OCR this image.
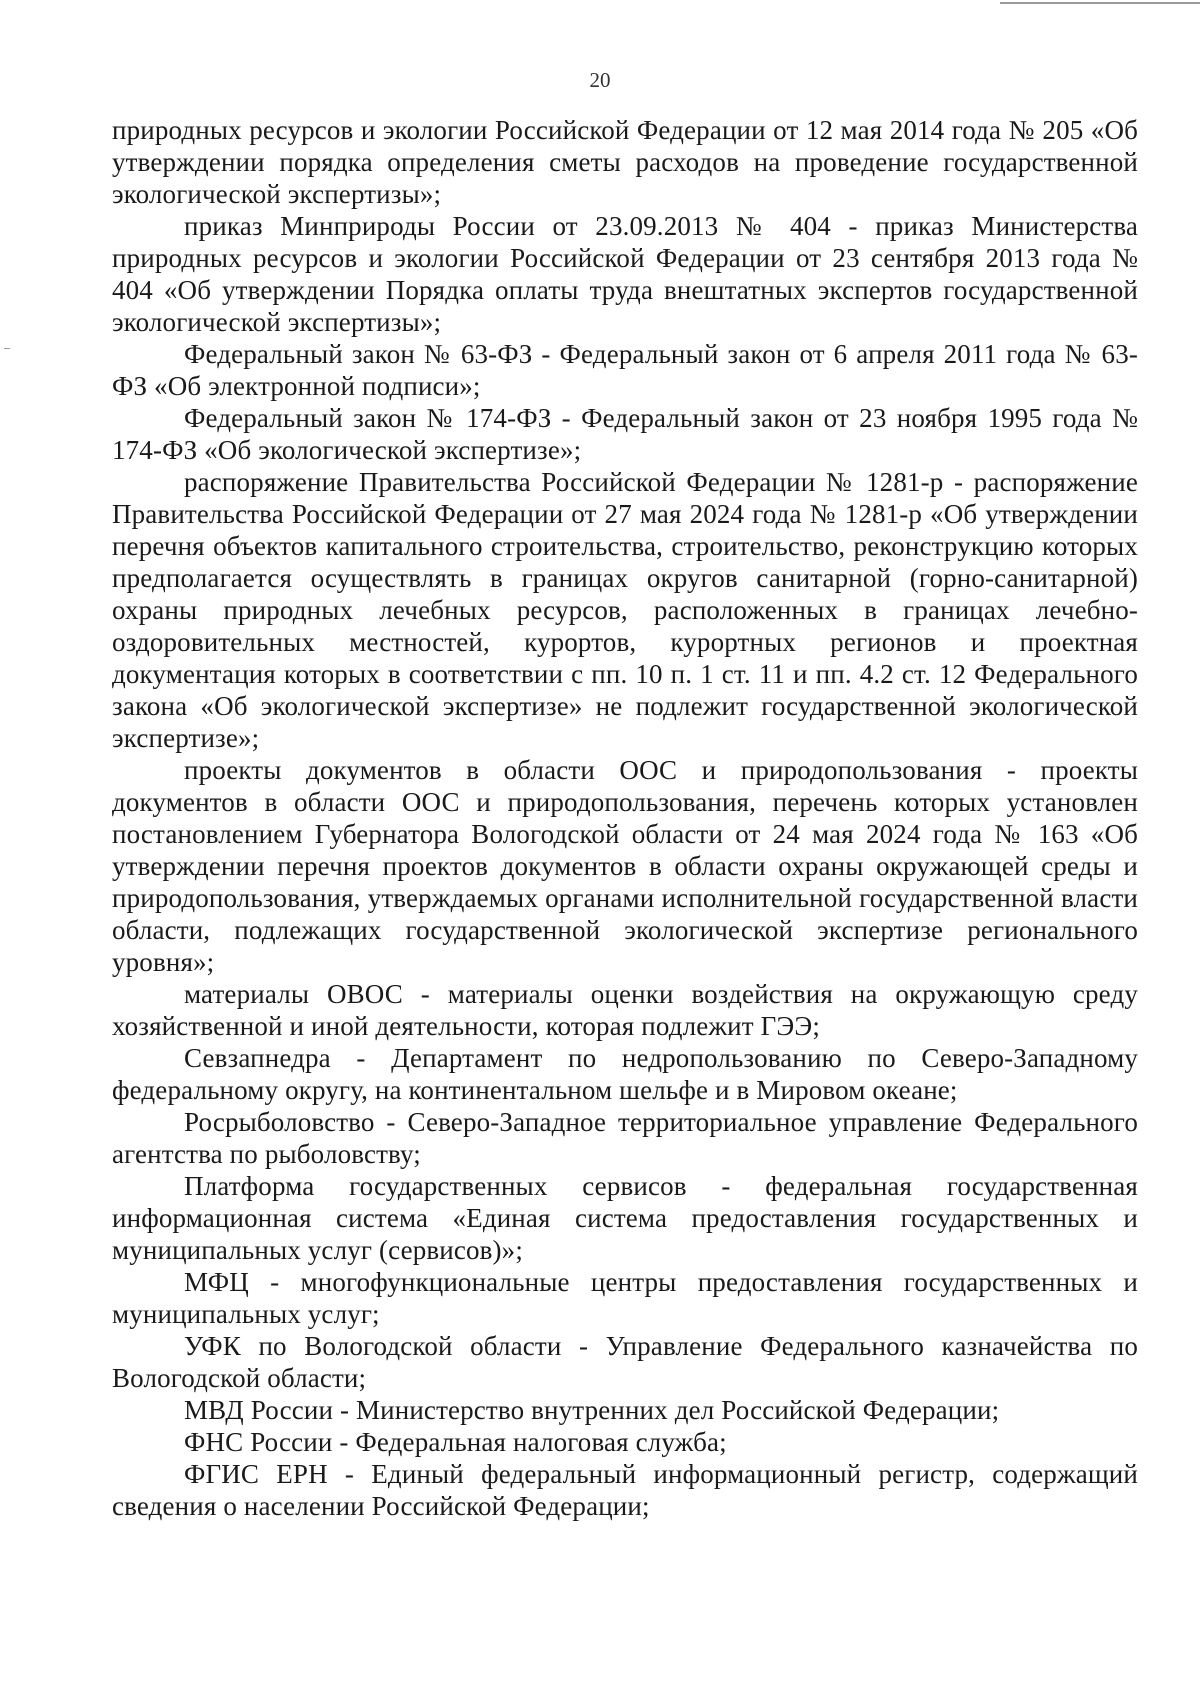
20

природных ресурсов и экологии Российской Федерации от 12 мая 2014 года № 205 «Об утверждении порядка определения сметы расходов на проведение государственной экологической экспертизы»;

приказ Минприроды России от 23.09.2013 № 404 - приказ Министерства природных ресурсов и экологии Российской Федерации от 23 сентября 2013 года № 404 «Об утверждении Порядка оплаты труда внештатных экспертов государственной экологической экспертизы»;

Федеральный закон № 63-ФЗ - Федеральный закон от 6 апреля 2011 года № 63-ФЗ «Об электронной подписи»;

Федеральный закон № 174-ФЗ - Федеральный закон от 23 ноября 1995 года № 174-ФЗ «Об экологической экспертизе»;

распоряжение Правительства Российской Федерации № 1281-р - распоряжение Правительства Российской Федерации от 27 мая 2024 года № 1281-р «Об утверждении перечня объектов капитального строительства, строительство, реконструкцию которых предполагается осуществлять в границах округов санитарной (горно-санитарной) охраны природных лечебных ресурсов, расположенных в границах лечебно-оздоровительных местностей, курортов, курортных регионов и проектная документация которых в соответствии с пп. 10 п. 1 ст. 11 и пп. 4.2 ст. 12 Федерального закона «Об экологической экспертизе» не подлежит государственной экологической экспертизе»;

проекты документов в области ООС и природопользования - проекты документов в области ООС и природопользования, перечень которых установлен постановлением Губернатора Вологодской области от 24 мая 2024 года № 163 «Об утверждении перечня проектов документов в области охраны окружающей среды и природопользования, утверждаемых органами исполнительной государственной власти области, подлежащих государственной экологической экспертизе регионального уровня»;

материалы ОВОС - материалы оценки воздействия на окружающую среду хозяйственной и иной деятельности, которая подлежит ГЭЭ;

Севзапнедра - Департамент по недропользованию по Северо-Западному федеральному округу, на континентальном шельфе и в Мировом океане;

Росрыболовство - Северо-Западное территориальное управление Федерального агентства по рыболовству;

Платформа государственных сервисов - федеральная государственная информационная система «Единая система предоставления государственных и муниципальных услуг (сервисов)»;

МФЦ - многофункциональные центры предоставления государственных и муниципальных услуг;

УФК по Вологодской области - Управление Федерального казначейства по Вологодской области;

МВД России - Министерство внутренних дел Российской Федерации;

ФНС России - Федеральная налоговая служба;

ФГИС ЕРН - Единый федеральный информационный регистр, содержащий сведения о населении Российской Федерации;
